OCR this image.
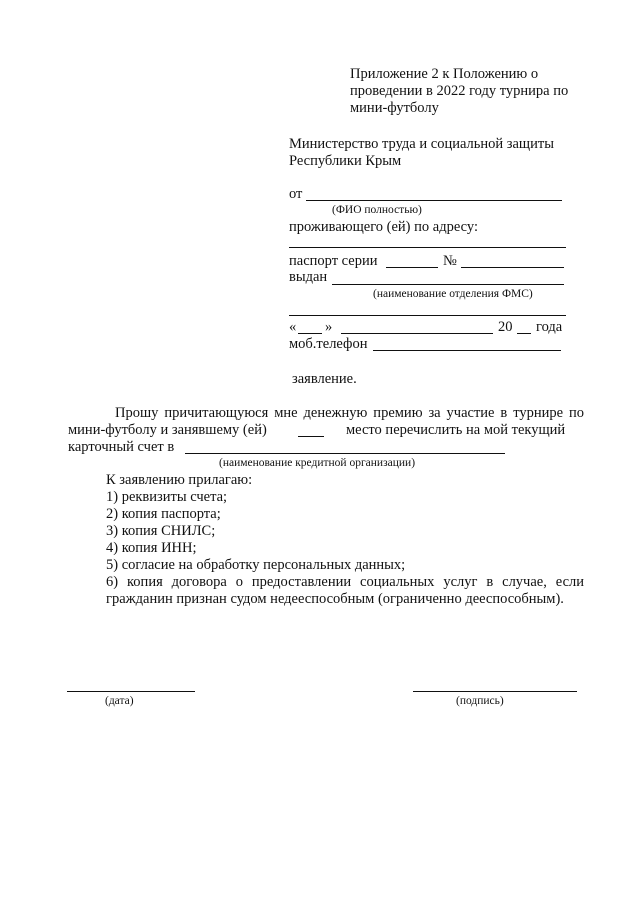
Приложение 2 к Положению о
проведении в 2022 году турнира по
мини-футболу
Министерство труда и социальной защиты
Республики Крым
от
(ФИО полностью)
проживающего (ей) по адресу:
паспорт серии	№
выдан
(наименование отделения ФМС)
« »	20 года
моб.телефон
заявление.
Прошу причитающуюся мне денежную премию за участие в турнире по
мини-футболу и занявшему (ей)	место перечислить на мой текущий
карточный счет в
(наименование кредитной организации)
К заявлению прилагаю:
1) реквизиты счета;
2) копия паспорта;
3) копия СНИЛС;
4) копия ИНН;
5) согласие на обработку персональных данных;
6) копия договора о предоставлении социальных услуг в случае, если
гражданин признан судом недееспособным (ограниченно дееспособным).
(дата)	(подпись)
